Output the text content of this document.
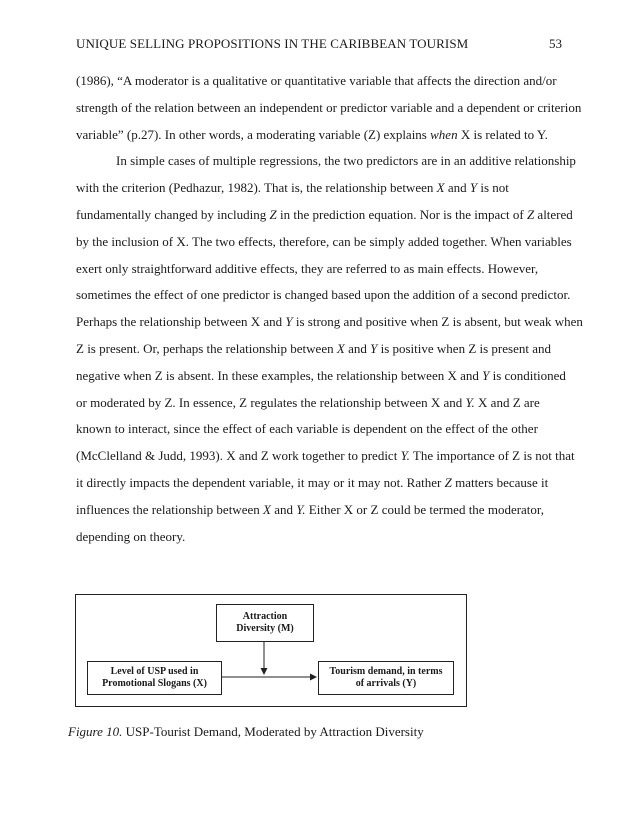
UNIQUE SELLING PROPOSITIONS IN THE CARIBBEAN TOURISM	53
(1986), “A moderator is a qualitative or quantitative variable that affects the direction and/or
strength of the relation between an independent or predictor variable and a dependent or criterion
variable” (p.27). In other words, a moderating variable (Z) explains when X is related to Y.
In simple cases of multiple regressions, the two predictors are in an additive relationship
with the criterion (Pedhazur, 1982). That is, the relationship between X and Y is not
fundamentally changed by including Z in the prediction equation. Nor is the impact of Z altered
by the inclusion of X. The two effects, therefore, can be simply added together. When variables
exert only straightforward additive effects, they are referred to as main effects. However,
sometimes the effect of one predictor is changed based upon the addition of a second predictor.
Perhaps the relationship between X and Y is strong and positive when Z is absent, but weak when
Z is present. Or, perhaps the relationship between X and Y is positive when Z is present and
negative when Z is absent. In these examples, the relationship between X and Y is conditioned
or moderated by Z. In essence, Z regulates the relationship between X and Y. X and Z are
known to interact, since the effect of each variable is dependent on the effect of the other
(McClelland & Judd, 1993). X and Z work together to predict Y. The importance of Z is not that
it directly impacts the dependent variable, it may or it may not. Rather Z matters because it
influences the relationship between X and Y. Either X or Z could be termed the moderator,
depending on theory.
Attraction
Diversity (M)
Level of USP used in
Promotional Slogans (X)
Tourism demand, in terms
of arrivals (Y)
Figure 10. USP-Tourist Demand, Moderated by Attraction Diversity
